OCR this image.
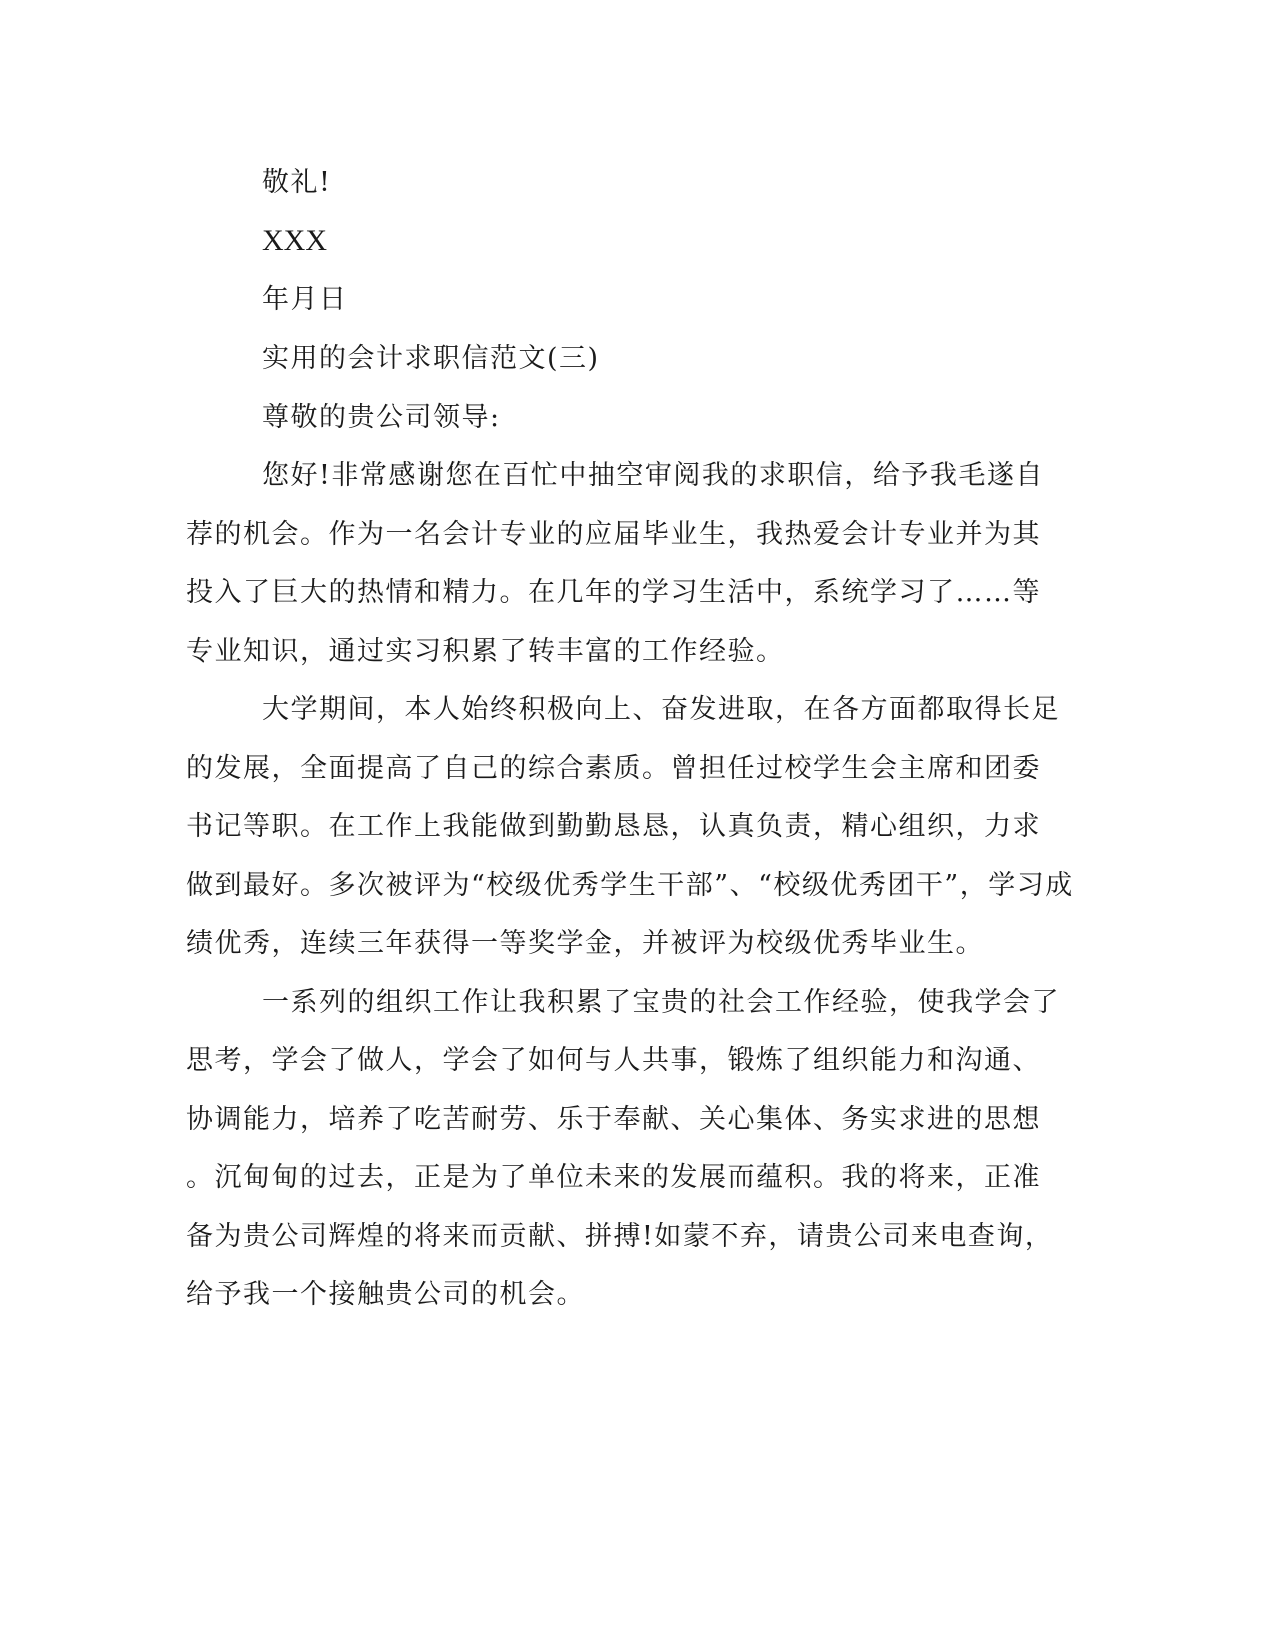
敬礼!
XXX
年月日
实用的会计求职信范文(三)
尊敬的贵公司领导:
您好!非常感谢您在百忙中抽空审阅我的求职信，给予我毛遂自
荐的机会。作为一名会计专业的应届毕业生，我热爱会计专业并为其
投入了巨大的热情和精力。在几年的学习生活中，系统学习了……等
专业知识，通过实习积累了转丰富的工作经验。
大学期间，本人始终积极向上、奋发进取，在各方面都取得长足
的发展，全面提高了自己的综合素质。曾担任过校学生会主席和团委
书记等职。在工作上我能做到勤勤恳恳，认真负责，精心组织，力求
做到最好。多次被评为“校级优秀学生干部”、“校级优秀团干”，学习成
绩优秀，连续三年获得一等奖学金，并被评为校级优秀毕业生。
一系列的组织工作让我积累了宝贵的社会工作经验，使我学会了
思考，学会了做人，学会了如何与人共事，锻炼了组织能力和沟通、
协调能力，培养了吃苦耐劳、乐于奉献、关心集体、务实求进的思想
。沉甸甸的过去，正是为了单位未来的发展而蕴积。我的将来，正准
备为贵公司辉煌的将来而贡献、拼搏!如蒙不弃，请贵公司来电查询，
给予我一个接触贵公司的机会。
